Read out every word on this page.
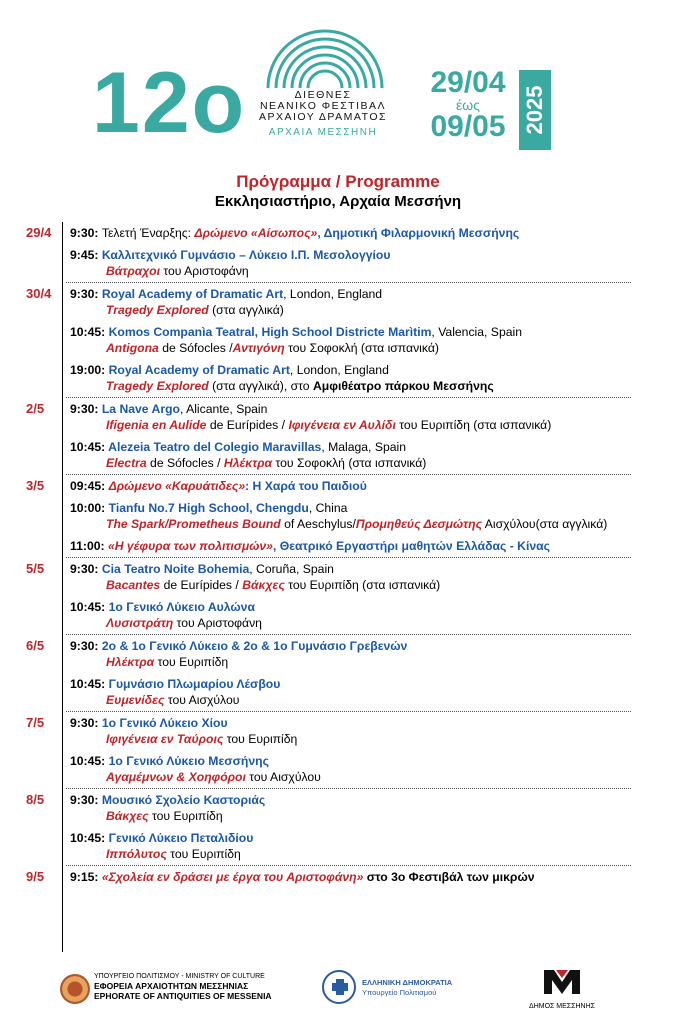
12ο	ΔΙΕΘΝΕΣ
ΝΕΑΝΙΚΟ ΦΕΣΤΙΒΑΛ
ΑΡΧΑΙΟΥ ΔΡΑΜΑΤΟΣ
ΑΡΧΑΙΑ ΜΕΣΣΗΝΗ
29/04
έως
09/05 2025
Πρόγραμμα / Programme
Εκκλησιαστήριο, Αρχαία Μεσσήνη
29/4 9:30: Τελετή Έναρξης: Δρώμενο «Αίσωπος», Δημοτική Φιλαρμονική Μεσσήνης
9:45: Καλλιτεχνικό Γυμνάσιο – Λύκειο Ι.Π. Μεσολογγίου
Βάτραχοι του Αριστοφάνη
30/4 9:30: Royal Academy of Dramatic Art, London, England
Tragedy Explored (στα αγγλικά)
10:45: Komos Companìa Teatral, High School Districte Marìtim, Valencia, Spain
Antigona de Sófocles /Αντιγόνη του Σοφοκλή (στα ισπανικά)
19:00: Royal Academy of Dramatic Art, London, England
Tragedy Explored (στα αγγλικά), στο Αμφιθέατρο πάρκου Μεσσήνης
2/5 9:30: La Nave Argo, Alicante, Spain
Ifigenia en Aulide de Eurípides / Ιφιγένεια εν Αυλίδι του Ευριπίδη (στα ισπανικά)
10:45: Alezeia Teatro del Colegio Maravillas, Malaga, Spain
Electra de Sófocles / Ηλέκτρα του Σοφοκλή (στα ισπανικά)
3/5 09:45: Δρώμενο «Καρυάτιδες»: Η Χαρά του Παιδιού
10:00: Tianfu No.7 High School, Chengdu, China
The Spark/Prometheus Bound of Aeschylus/Προμηθεύς Δεσμώτης Αισχύλου(στα αγγλικά)
11:00: «Η γέφυρα των πολιτισμών», Θεατρικό Εργαστήρι μαθητών Ελλάδας - Κίνας
5/5 9:30: Cia Teatro Noite Bohemia, Coruña, Spain
Bacantes de Eurípides / Βάκχες του Ευριπίδη (στα ισπανικά)
10:45: 1ο Γενικό Λύκειο Αυλώνα
Λυσιστράτη του Αριστοφάνη
6/5 9:30: 2ο & 1ο Γενικό Λύκειο & 2ο & 1ο Γυμνάσιο Γρεβενών
Ηλέκτρα του Ευριπίδη
10:45: Γυμνάσιο Πλωμαρίου Λέσβου
Ευμενίδες του Αισχύλου
7/5 9:30: 1ο Γενικό Λύκειο Χίου
Ιφιγένεια εν Ταύροις του Ευριπίδη
10:45: 1ο Γενικό Λύκειο Μεσσήνης
Αγαμέμνων & Χοηφόροι του Αισχύλου
8/5 9:30: Μουσικό Σχολείο Καστοριάς
Βάκχες του Ευριπίδη
10:45: Γενικό Λύκειο Πεταλιδίου
Ιππόλυτος του Ευριπίδη
9/5 9:15: «Σχολεία εν δράσει με έργα του Αριστοφάνη» στο 3ο Φεστιβάλ των μικρών
ΥΠΟΥΡΓΕΙΟ ΠΟΛΙΤΙΣΜΟΥ - MINISTRY OF CULTURE
ΕΦΟΡΕΙΑ ΑΡΧΑΙΟΤΗΤΩΝ ΜΕΣΣΗΝΙΑΣ
EPHORATE OF ANTIQUITIES OF MESSENIA
ΕΛΛΗΝΙΚΗ ΔΗΜΟΚΡΑΤΙΑ
Υπουργείο Πολιτισμού
ΔΗΜΟΣ ΜΕΣΣΗΝΗΣ
